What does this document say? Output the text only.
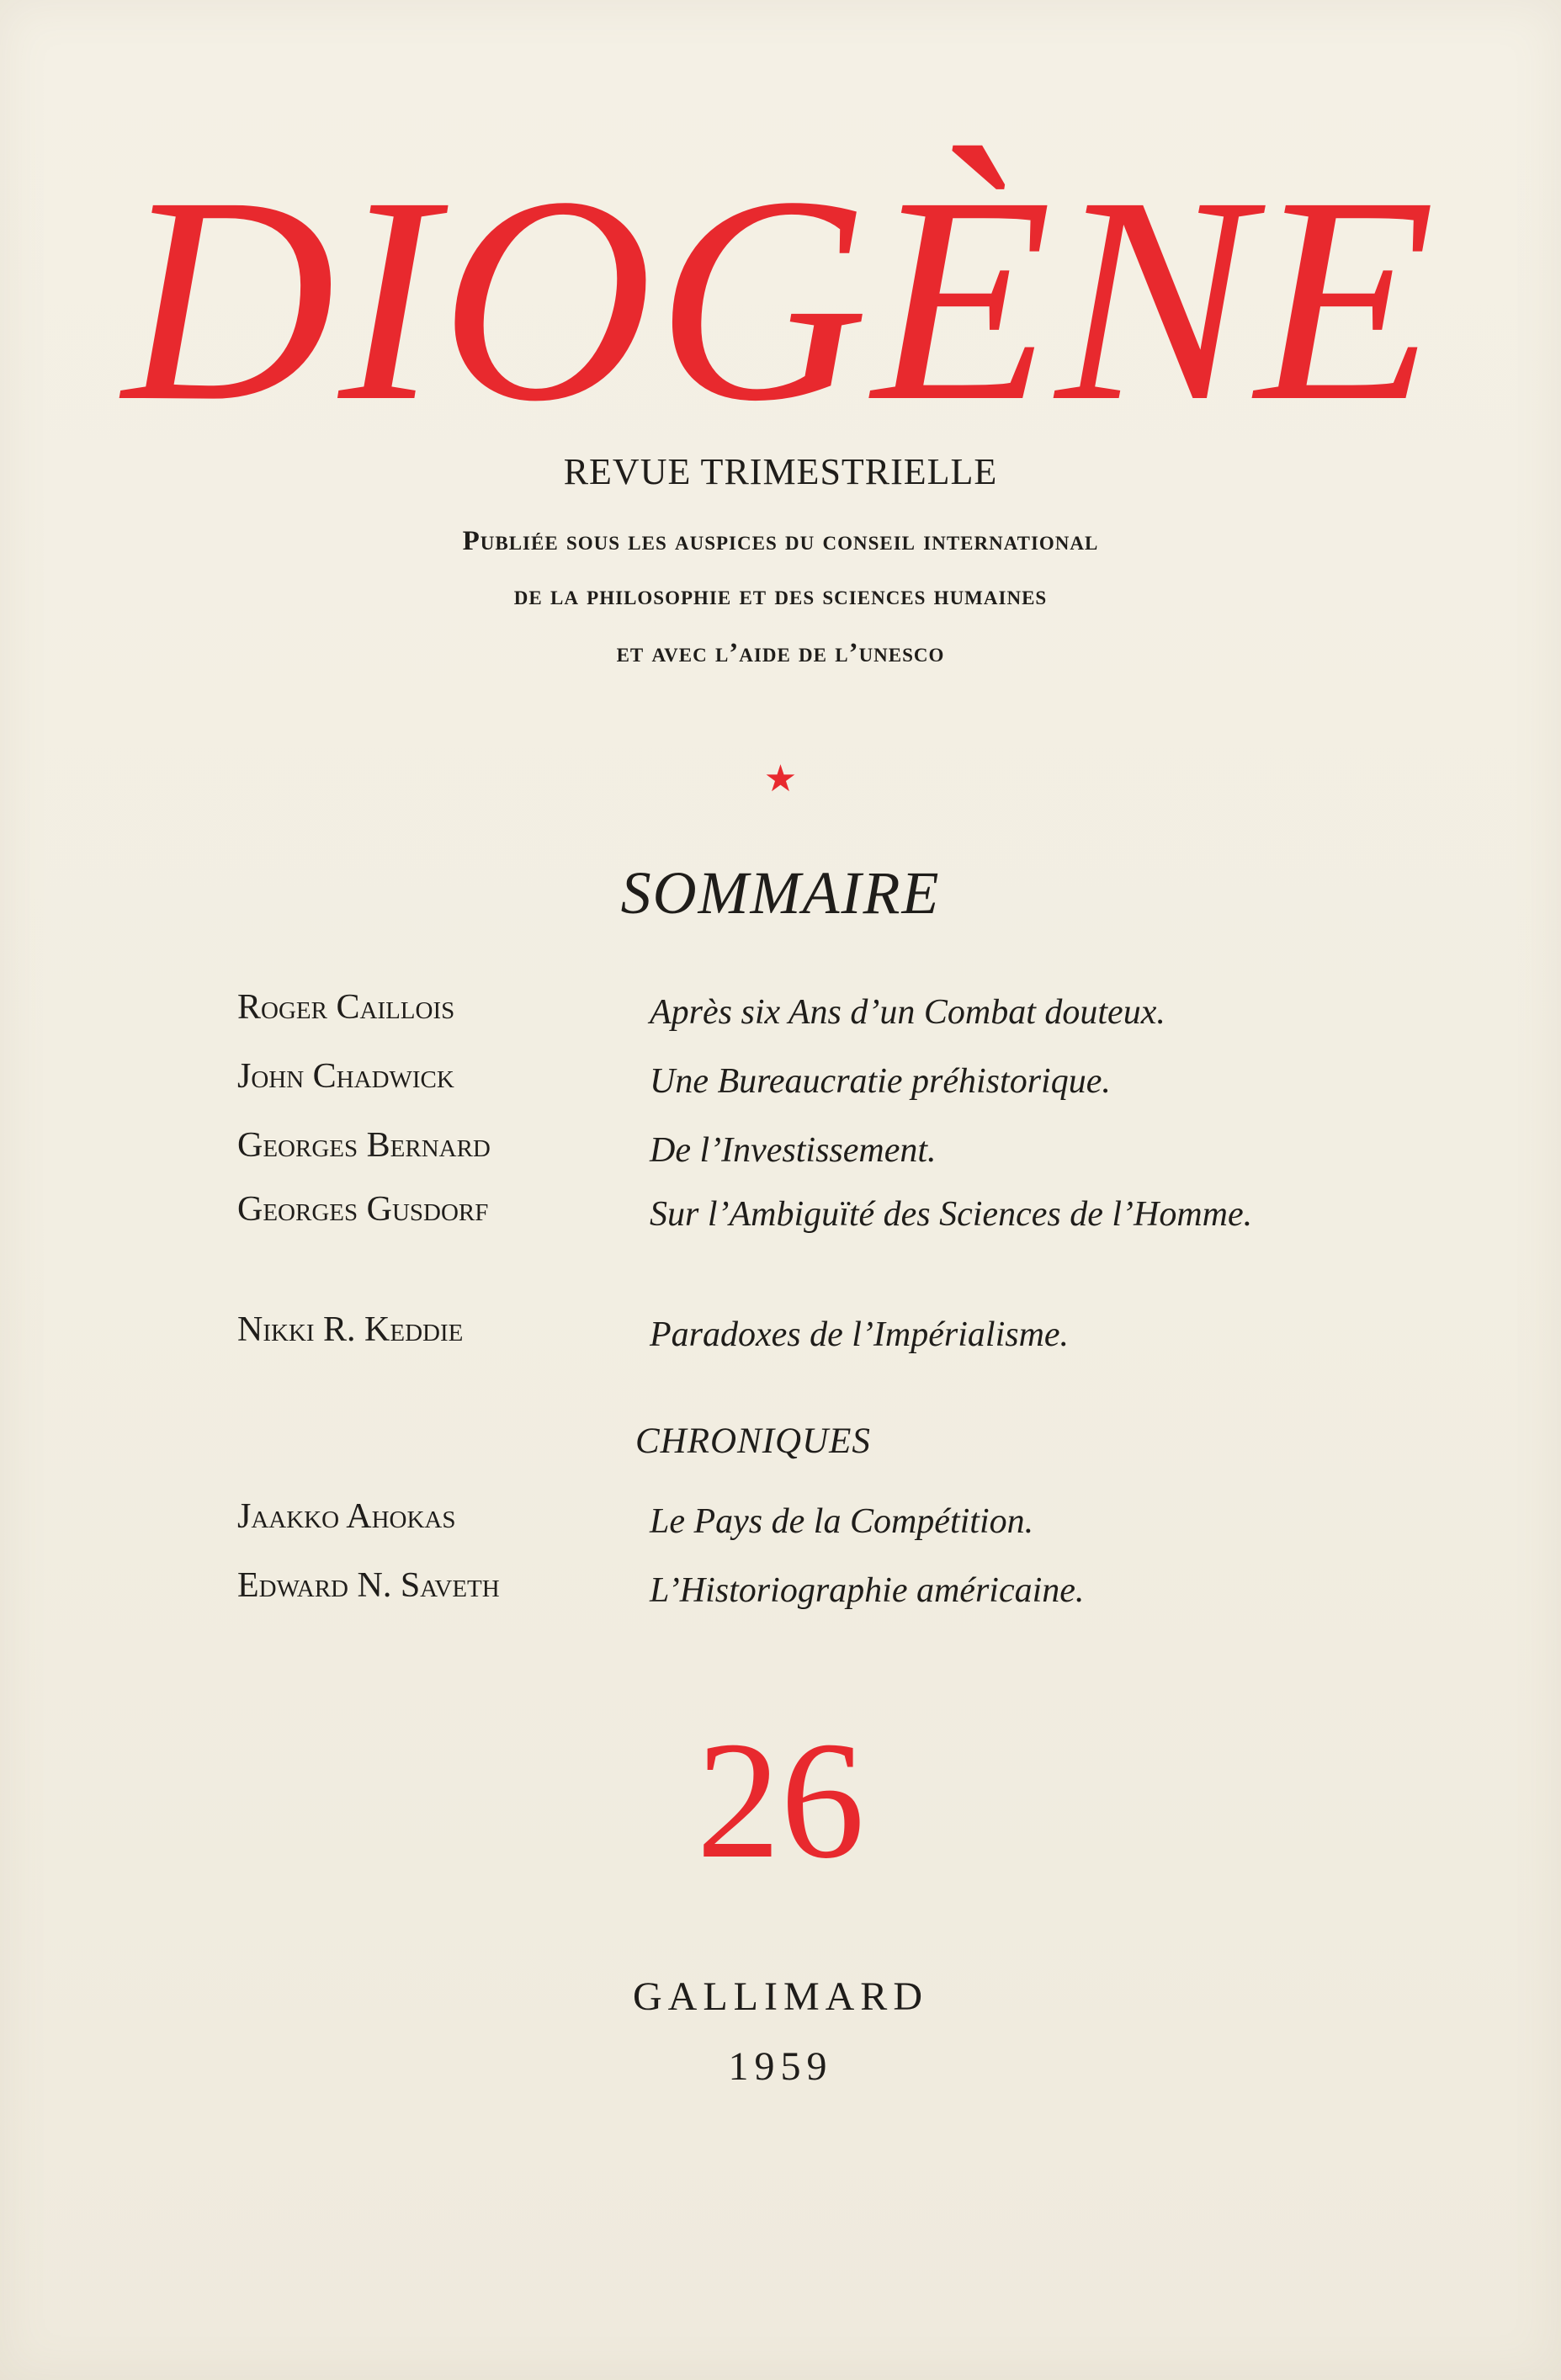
DIOGÈNE
REVUE TRIMESTRIELLE
Publiée sous les auspices du conseil international
de la philosophie et des sciences humaines
et avec l’aide de l’unesco
★
SOMMAIRE
Roger Caillois	Après six Ans d’un Combat douteux.
John Chadwick	Une Bureaucratie préhistorique.
Georges Bernard	De l’Investissement.
Georges Gusdorf	Sur l’Ambiguïté des Sciences de l’Homme.
Nikki R. Keddie	Paradoxes de l’Impérialisme.
CHRONIQUES
Jaakko Ahokas	Le Pays de la Compétition.
Edward N. Saveth	L’Historiographie américaine.
26
GALLIMARD
1959
